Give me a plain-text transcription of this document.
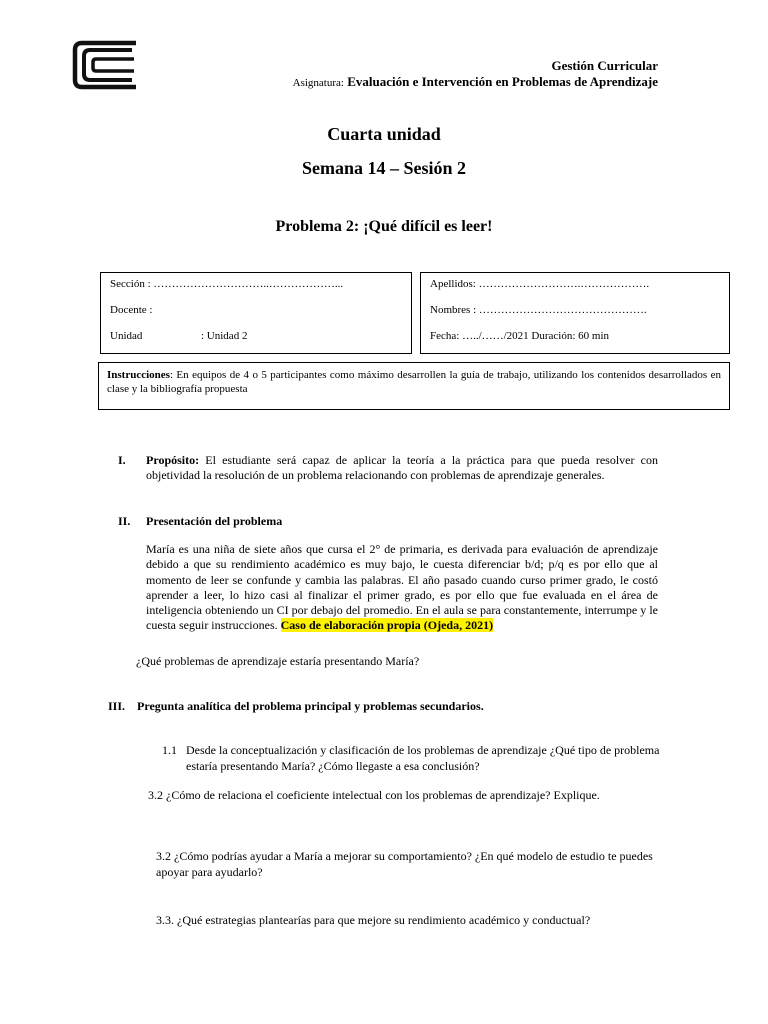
Gestión Curricular
Asignatura: Evaluación e Intervención en Problemas de Aprendizaje
Cuarta unidad
Semana 14 – Sesión 2
Problema 2: ¡Qué difícil es leer!
Sección : …………………………..………………...
Docente :
Unidad	: Unidad 2
Apellidos: ……………………….……………….
Nombres : ……………………………………….
Fecha: …../……/2021 Duración: 60 min
Instrucciones: En equipos de 4 o 5 participantes como máximo desarrollen la guía de trabajo, utilizando los contenidos desarrollados en clase y la bibliografía propuesta
I. Propósito: El estudiante será capaz de aplicar la teoría a la práctica para que pueda resolver con objetividad la resolución de un problema relacionando con problemas de aprendizaje generales.
II. Presentación del problema
María es una niña de siete años que cursa el 2° de primaria, es derivada para evaluación de aprendizaje debido a que su rendimiento académico es muy bajo, le cuesta diferenciar b/d; p/q es por ello que al momento de leer se confunde y cambia las palabras. El año pasado cuando curso primer grado, le costó aprender a leer, lo hizo casi al finalizar el primer grado, es por ello que fue evaluada en el área de inteligencia obteniendo un CI por debajo del promedio. En el aula se para constantemente, interrumpe y le cuesta seguir instrucciones. Caso de elaboración propia (Ojeda, 2021)
¿Qué problemas de aprendizaje estaría presentando María?
III. Pregunta analítica del problema principal y problemas secundarios.
1.1 Desde la conceptualización y clasificación de los problemas de aprendizaje ¿Qué tipo de problema estaría presentando María? ¿Cómo llegaste a esa conclusión?
3.2 ¿Cómo de relaciona el coeficiente intelectual con los problemas de aprendizaje? Explique.
3.2 ¿Cómo podrías ayudar a María a mejorar su comportamiento? ¿En qué modelo de estudio te puedes apoyar para ayudarlo?
3.3. ¿Qué estrategias plantearías para que mejore su rendimiento académico y conductual?
